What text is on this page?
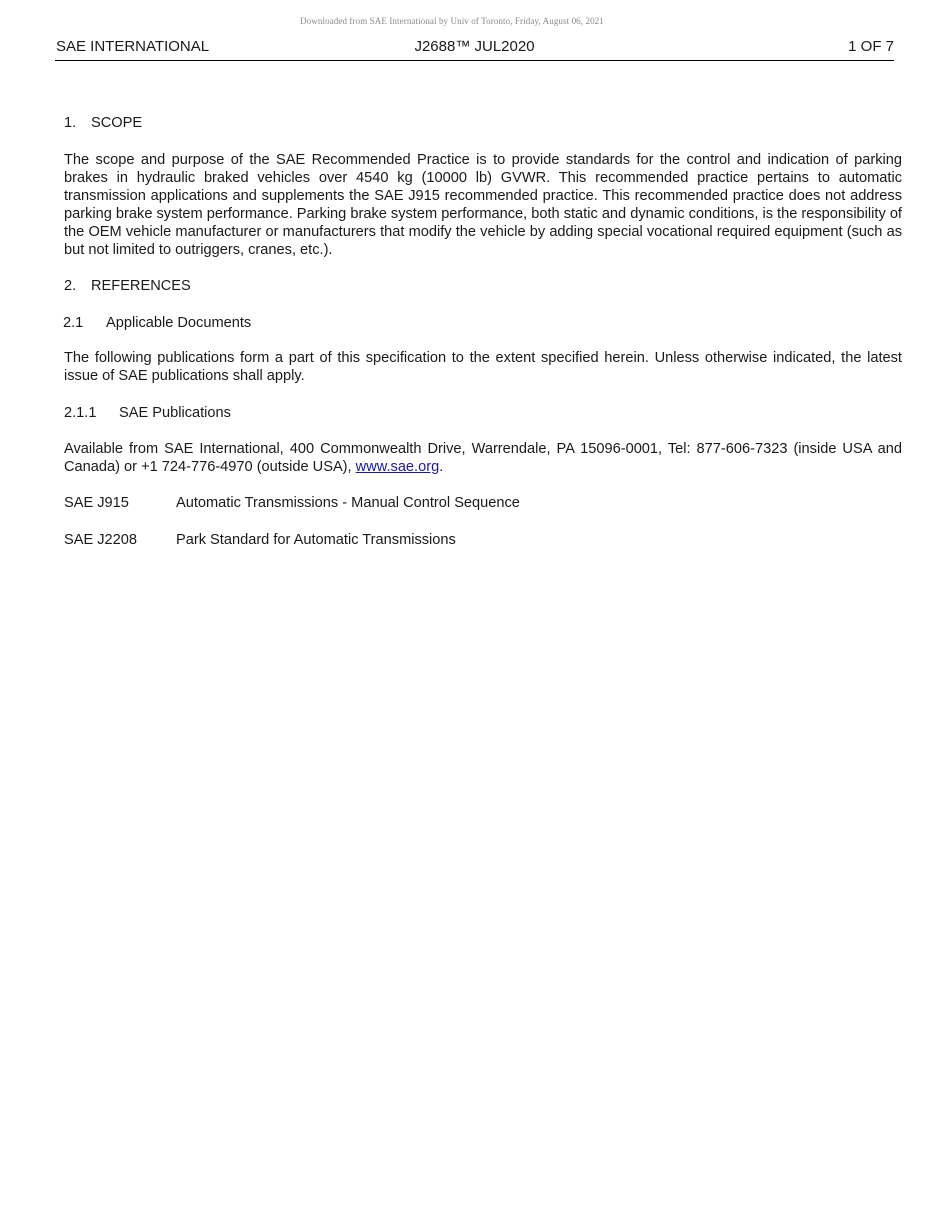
Downloaded from SAE International by Univ of Toronto, Friday, August 06, 2021
SAE INTERNATIONAL	J2688™ JUL2020	1 OF 7

1. SCOPE

The scope and purpose of the SAE Recommended Practice is to provide standards for the control and indication of parking brakes in hydraulic braked vehicles over 4540 kg (10000 lb) GVWR. This recommended practice pertains to automatic transmission applications and supplements the SAE J915 recommended practice. This recommended practice does not address parking brake system performance. Parking brake system performance, both static and dynamic conditions, is the responsibility of the OEM vehicle manufacturer or manufacturers that modify the vehicle by adding special vocational required equipment (such as but not limited to outriggers, cranes, etc.).

2. REFERENCES

2.1 Applicable Documents

The following publications form a part of this specification to the extent specified herein. Unless otherwise indicated, the latest issue of SAE publications shall apply.

2.1.1 SAE Publications

Available from SAE International, 400 Commonwealth Drive, Warrendale, PA 15096-0001, Tel: 877-606-7323 (inside USA and Canada) or +1 724-776-4970 (outside USA), www.sae.org.

SAE J915	Automatic Transmissions - Manual Control Sequence
SAE J2208	Park Standard for Automatic Transmissions
